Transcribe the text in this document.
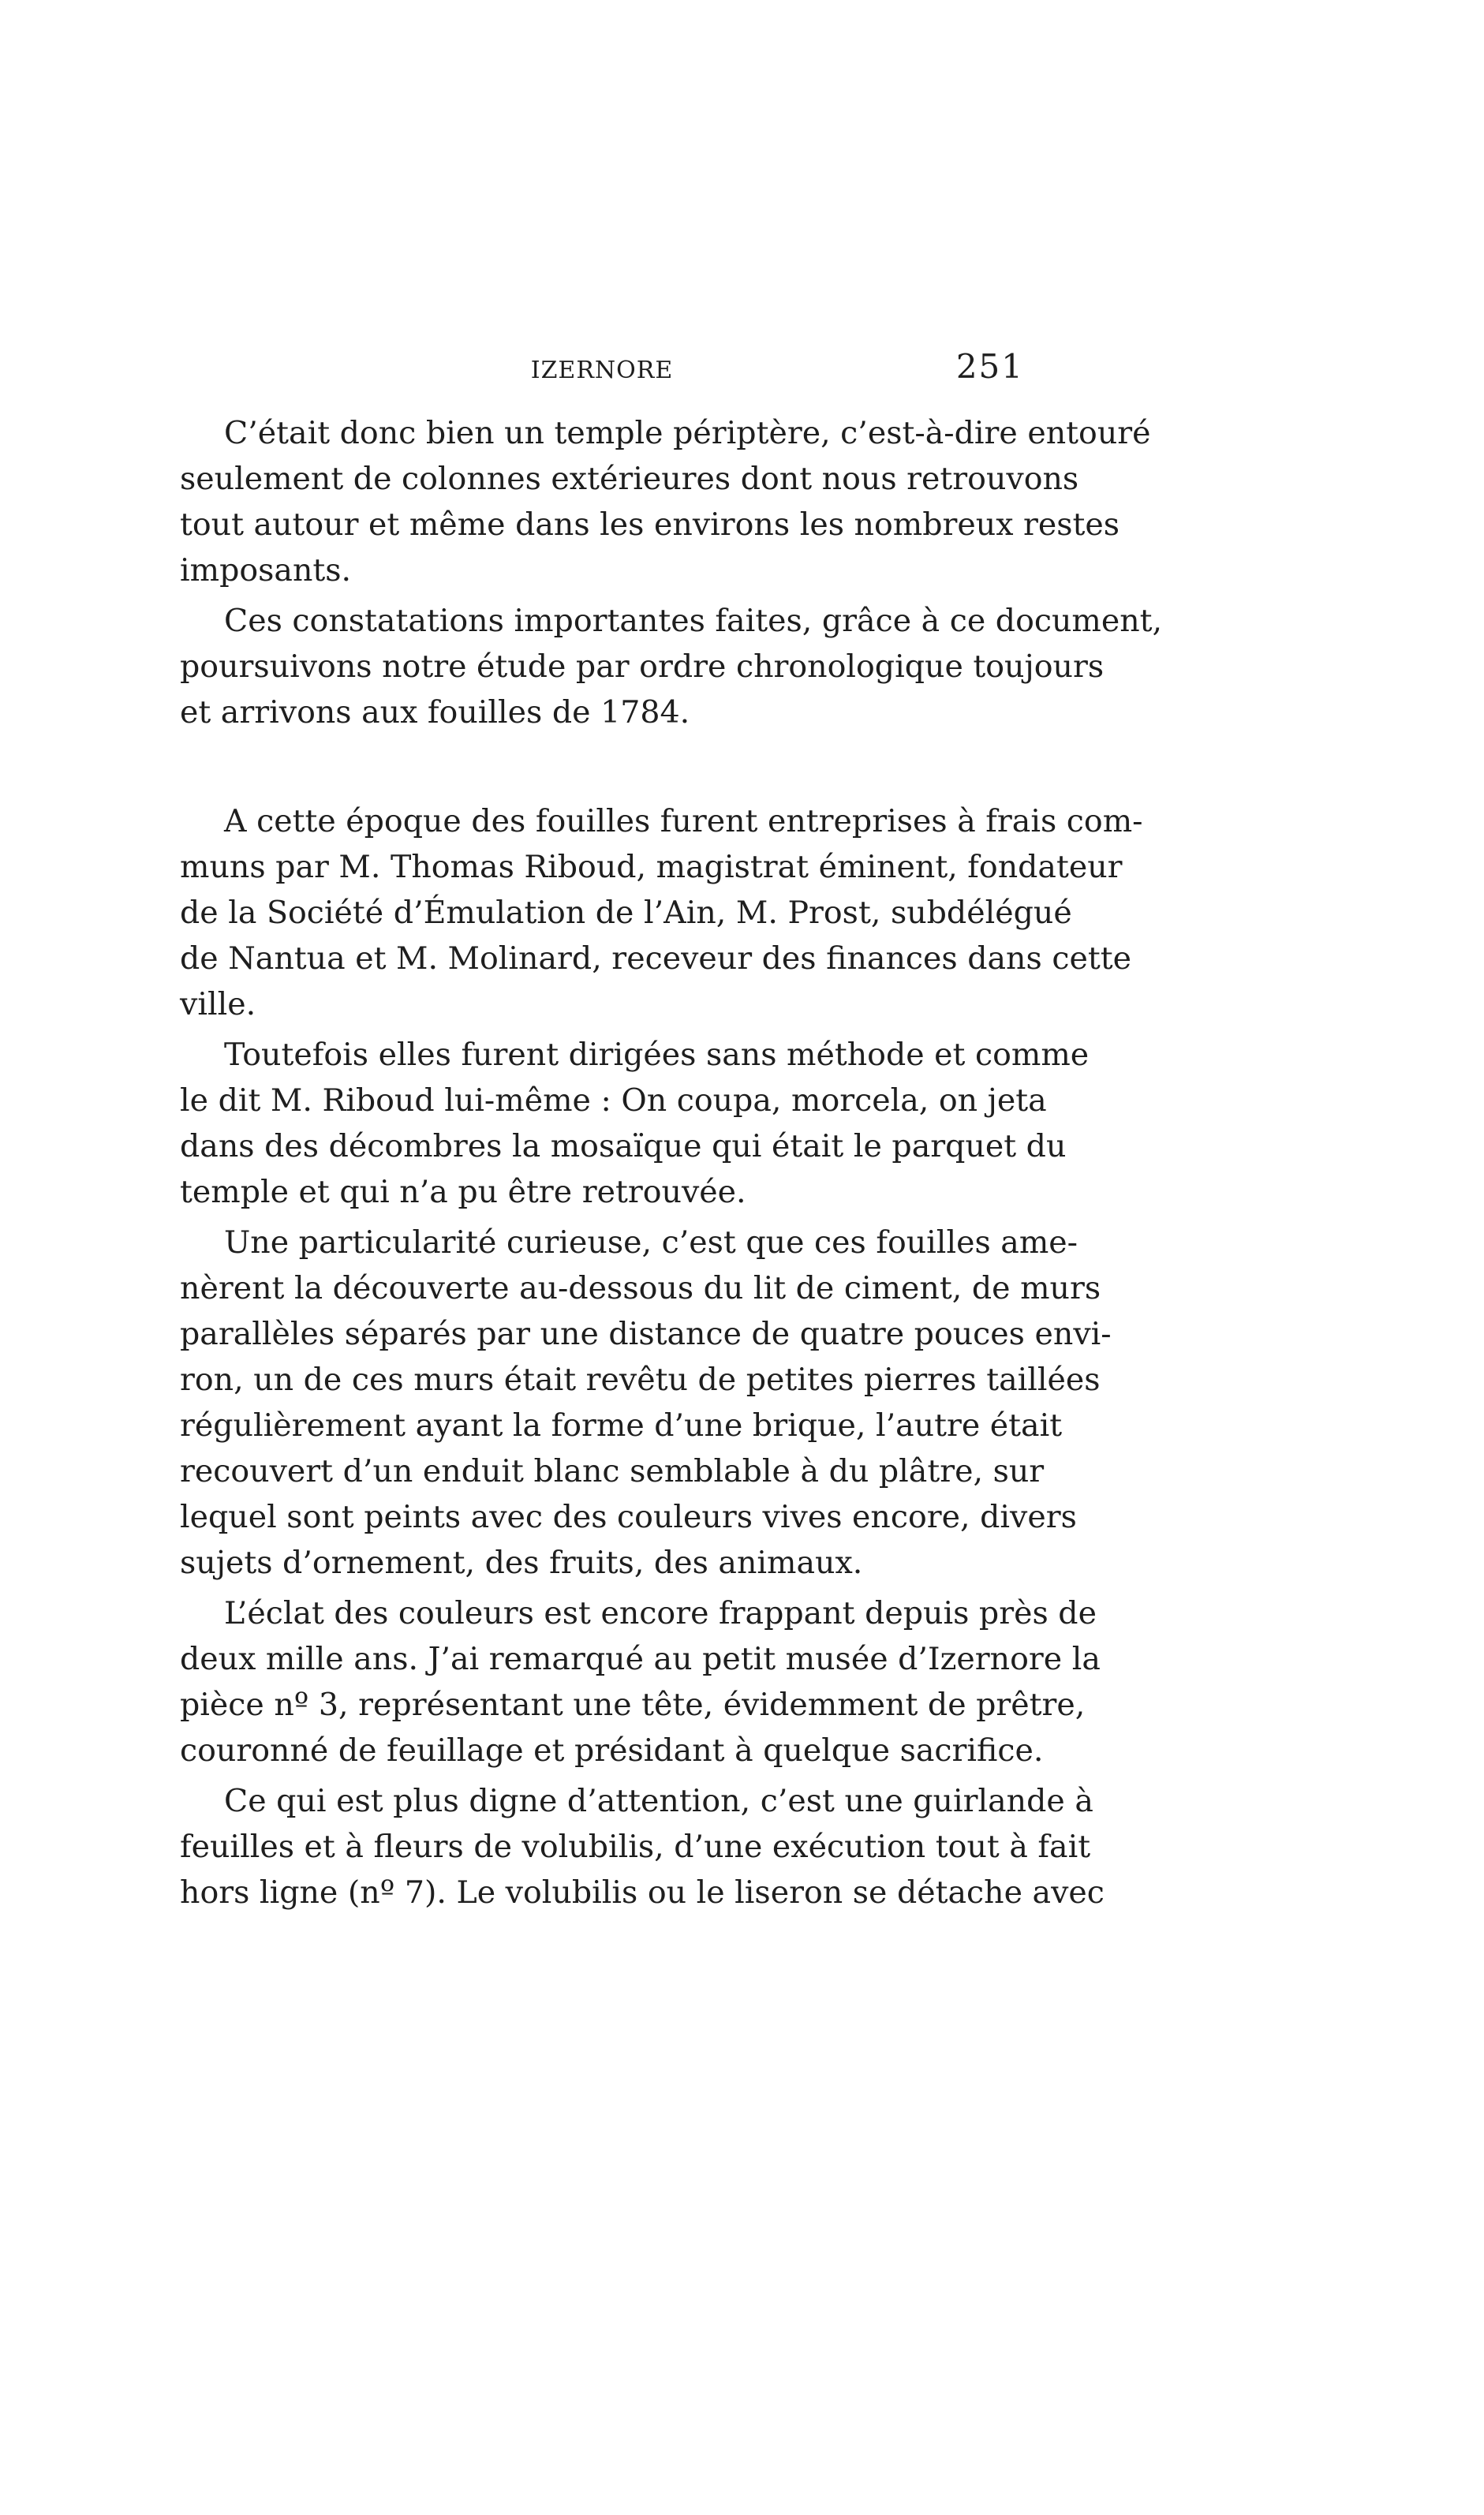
IZERNORE	251

C’était donc bien un temple périptère, c’est-à-dire entouré
seulement de colonnes extérieures dont nous retrouvons
tout autour et même dans les environs les nombreux restes
imposants.

Ces constatations importantes faites, grâce à ce document,
poursuivons notre étude par ordre chronologique toujours
et arrivons aux fouilles de 1784.

A cette époque des fouilles furent entreprises à frais com-
muns par M. Thomas Riboud, magistrat éminent, fondateur
de la Société d’Émulation de l’Ain, M. Prost, subdélégué
de Nantua et M. Molinard, receveur des finances dans cette
ville.

Toutefois elles furent dirigées sans méthode et comme
le dit M. Riboud lui-même : On coupa, morcela, on jeta
dans des décombres la mosaïque qui était le parquet du
temple et qui n’a pu être retrouvée.

Une particularité curieuse, c’est que ces fouilles ame-
nèrent la découverte au-dessous du lit de ciment, de murs
parallèles séparés par une distance de quatre pouces envi-
ron, un de ces murs était revêtu de petites pierres taillées
régulièrement ayant la forme d’une brique, l’autre était
recouvert d’un enduit blanc semblable à du plâtre, sur
lequel sont peints avec des couleurs vives encore, divers
sujets d’ornement, des fruits, des animaux.

L’éclat des couleurs est encore frappant depuis près de
deux mille ans. J’ai remarqué au petit musée d’Izernore la
pièce nº 3, représentant une tête, évidemment de prêtre,
couronné de feuillage et présidant à quelque sacrifice.

Ce qui est plus digne d’attention, c’est une guirlande à
feuilles et à fleurs de volubilis, d’une exécution tout à fait
hors ligne (nº 7). Le volubilis ou le liseron se détache avec
